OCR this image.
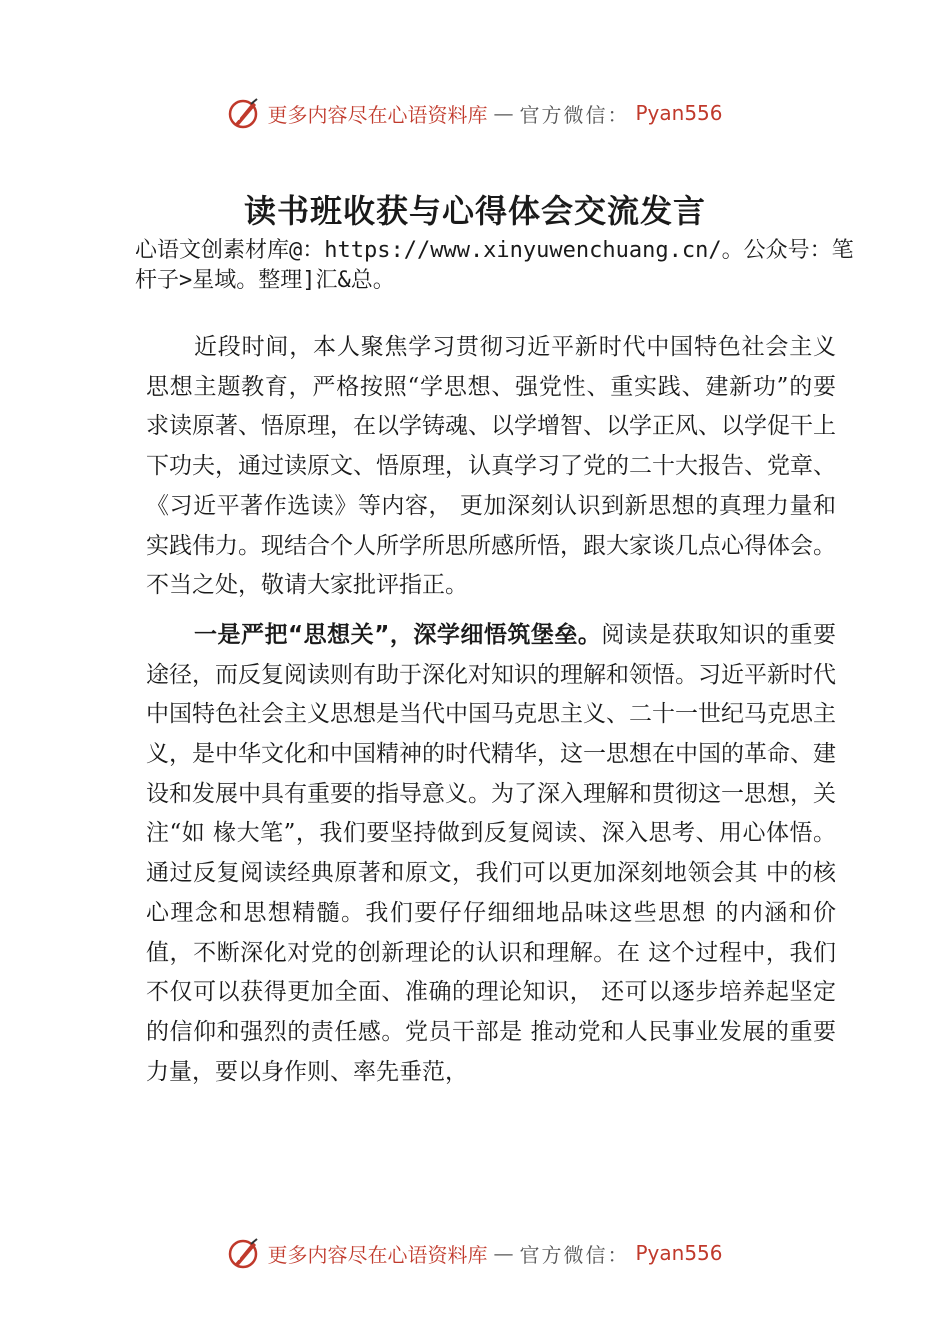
更多内容尽在心语资料库 — 官方微信： Pyan556
读书班收获与心得体会交流发言
心语文创素材库@：https://www.xinyuwenchuang.cn/。公众号：笔杆子>星域。整理]汇&总。

近段时间，本人聚焦学习贯彻习近平新时代中国特色社会主义思想主题教育，严格按照“学思想、强党性、重实践、建新功”的要求读原著、悟原理，在以学铸魂、以学增智、以学正风、以学促干上下功夫，通过读原文、悟原理，认真学习了党的二十大报告、党章、《习近平著作选读》等内容， 更加深刻认识到新思想的真理力量和实践伟力。现结合个人所学所思所感所悟，跟大家谈几点心得体会。不当之处，敬请大家批评指正。

一是严把“思想关”，深学细悟筑堡垒。阅读是获取知识的重要途径，而反复阅读则有助于深化对知识的理解和领悟。习近平新时代中国特色社会主义思想是当代中国马克思主义、二十一世纪马克思主义，是中华文化和中国精神的时代精华，这一思想在中国的革命、建设和发展中具有重要的指导意义。为了深入理解和贯彻这一思想，关注“如 椽大笔”，我们要坚持做到反复阅读、深入思考、用心体悟。 通过反复阅读经典原著和原文，我们可以更加深刻地领会其 中的核心理念和思想精髓。我们要仔仔细细地品味这些思想 的内涵和价值，不断深化对党的创新理论的认识和理解。在 这个过程中，我们不仅可以获得更加全面、准确的理论知识， 还可以逐步培养起坚定的信仰和强烈的责任感。党员干部是 推动党和人民事业发展的重要力量，要以身作则、率先垂范，

更多内容尽在心语资料库 — 官方微信： Pyan556
